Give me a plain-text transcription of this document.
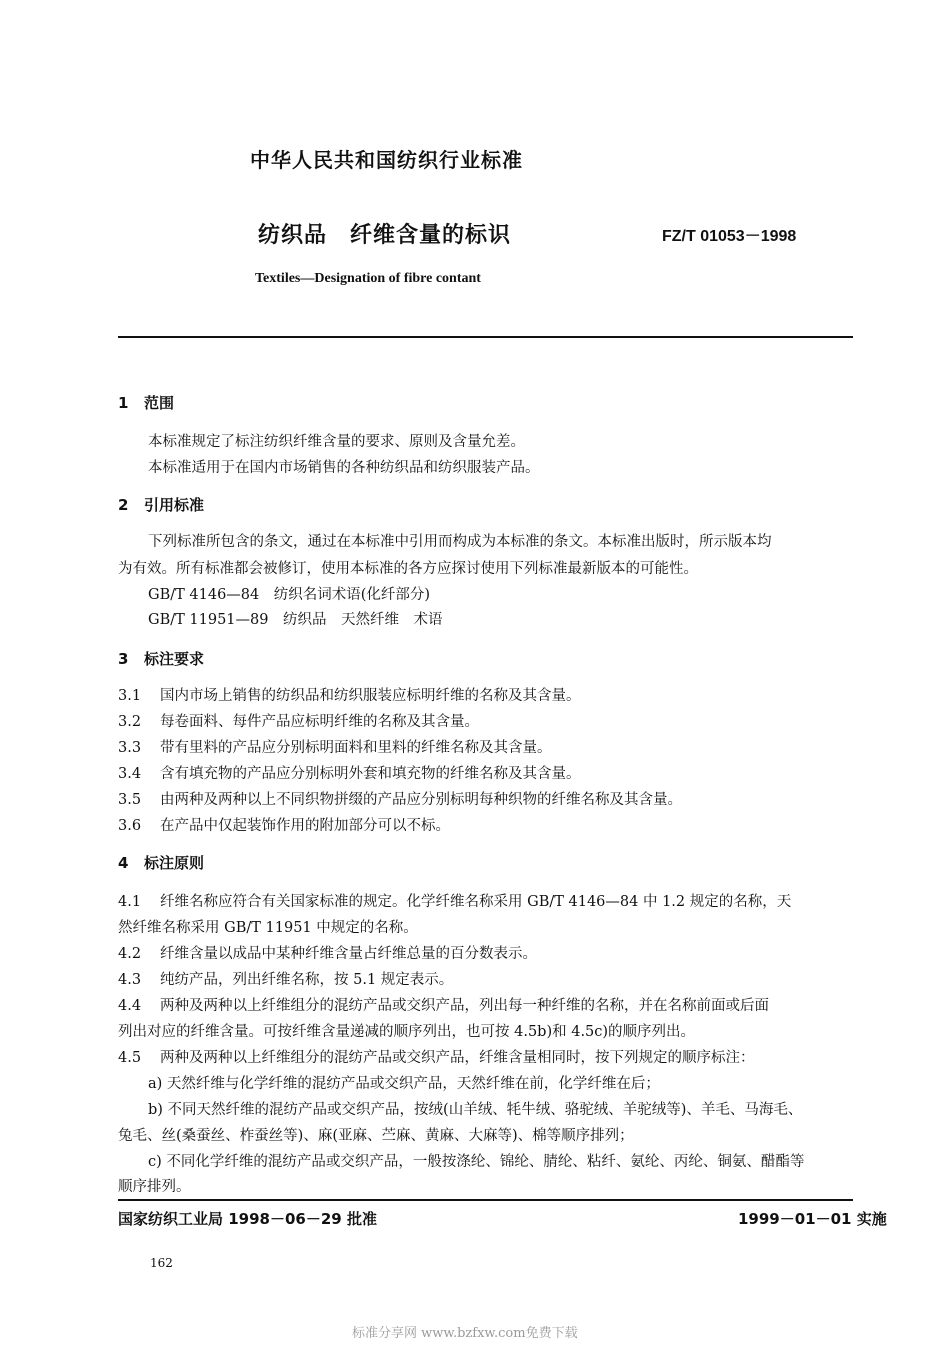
中华人民共和国纺织行业标准
纺织品　纤维含量的标识	FZ/T 01053－1998
Textiles—Designation of fibre contant
1 范围
本标准规定了标注纺织纤维含量的要求、原则及含量允差。
本标准适用于在国内市场销售的各种纺织品和纺织服装产品。
2 引用标准
下列标准所包含的条文，通过在本标准中引用而构成为本标准的条文。本标准出版时，所示版本均
为有效。所有标准都会被修订，使用本标准的各方应探讨使用下列标准最新版本的可能性。
GB/T 4146—84　纺织名词术语(化纤部分)
GB/T 11951—89　纺织品　天然纤维　术语
3 标注要求
3.1 国内市场上销售的纺织品和纺织服装应标明纤维的名称及其含量。
3.2 每卷面料、每件产品应标明纤维的名称及其含量。
3.3 带有里料的产品应分别标明面料和里料的纤维名称及其含量。
3.4 含有填充物的产品应分别标明外套和填充物的纤维名称及其含量。
3.5 由两种及两种以上不同织物拼缀的产品应分别标明每种织物的纤维名称及其含量。
3.6 在产品中仅起装饰作用的附加部分可以不标。
4 标注原则
4.1 纤维名称应符合有关国家标准的规定。化学纤维名称采用 GB/T 4146—84 中 1.2 规定的名称，天
然纤维名称采用 GB/T 11951 中规定的名称。
4.2 纤维含量以成品中某种纤维含量占纤维总量的百分数表示。
4.3 纯纺产品，列出纤维名称，按 5.1 规定表示。
4.4 两种及两种以上纤维组分的混纺产品或交织产品，列出每一种纤维的名称，并在名称前面或后面
列出对应的纤维含量。可按纤维含量递减的顺序列出，也可按 4.5b)和 4.5c)的顺序列出。
4.5 两种及两种以上纤维组分的混纺产品或交织产品，纤维含量相同时，按下列规定的顺序标注：
a) 天然纤维与化学纤维的混纺产品或交织产品，天然纤维在前，化学纤维在后；
b) 不同天然纤维的混纺产品或交织产品，按绒(山羊绒、牦牛绒、骆驼绒、羊驼绒等)、羊毛、马海毛、
兔毛、丝(桑蚕丝、柞蚕丝等)、麻(亚麻、苎麻、黄麻、大麻等)、棉等顺序排列；
c) 不同化学纤维的混纺产品或交织产品，一般按涤纶、锦纶、腈纶、粘纤、氨纶、丙纶、铜氨、醋酯等
顺序排列。
国家纺织工业局 1998－06－29 批准	1999－01－01 实施
162
标准分享网 www.bzfxw.com免费下载
